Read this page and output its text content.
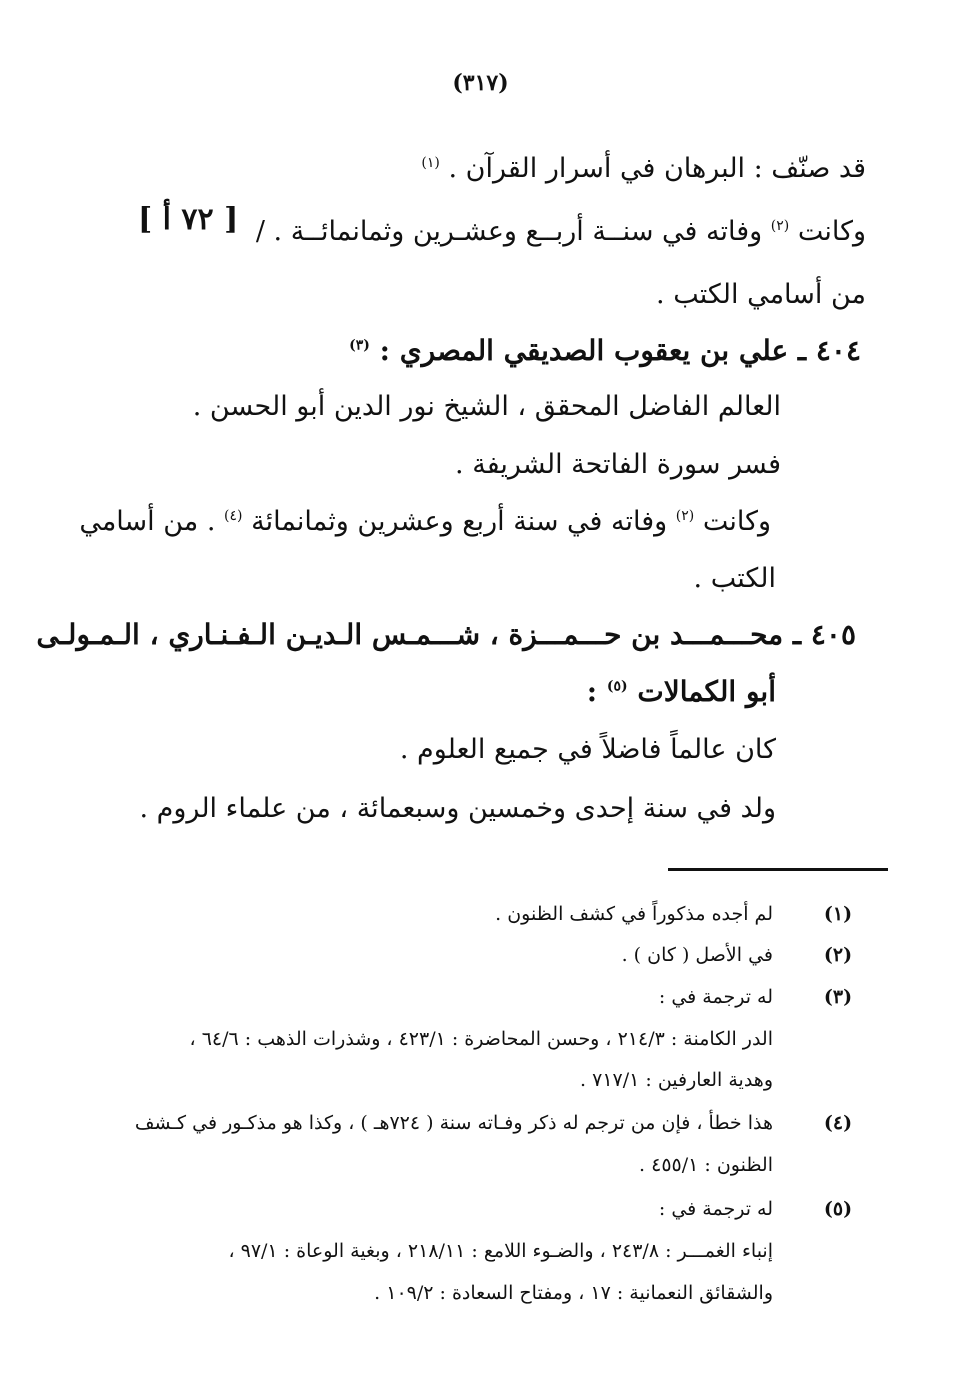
(٣١٧)
قد صنّف : البرهان في أسرار القرآن . $^{(١)}$
وكانت $^{(٢)}$ وفاته في سنــة أربــع وعشـرين وثمانمائــة . /
[ ٧٢ أ ]
من أسامي الكتب .
٤٠٤ ـ علي بن يعقوب الصديقي المصري : $^{(٣)}$
العالم الفاضل المحقق ، الشيخ نور الدين أبو الحسن .
فسر سورة الفاتحة الشريفة .
وكانت $^{(٢)}$ وفاته في سنة أربع وعشرين وثمانمائة $^{(٤)}$ . من أسامي
الكتب .
٤٠٥ ـ محـــمـــد بن حـــمـــزة ، شـــمـس الـديـن الـفـنـاري ، الـمـولـى
أبو الكمالات $^{(٥)}$ :
كان عالماً فاضلاً في جميع العلوم .
ولد في سنة إحدى وخمسين وسبعمائة ، من علماء الروم .
(١)
لم أجده مذكوراً في كشف الظنون .
(٢)
في الأصل ( كان ) .
(٣)
له ترجمة في :
الدر الكامنة : ٢١٤/٣ ، وحسن المحاضرة : ٤٢٣/١ ، وشذرات الذهب : ٦٤/٦ ،
وهدية العارفين : ٧١٧/١ .
(٤)
هذا خطأ ، فإن من ترجم له ذكر وفـاته سنة ( ٧٢٤هـ ) ، وكذا هو مذكـور في كـشف
الظنون : ٤٥٥/١ .
(٥)
له ترجمة في :
إنباء الغمـــر : ٢٤٣/٨ ، والضـوء اللامع : ٢١٨/١١ ، وبغية الوعاة : ٩٧/١ ،
والشقائق النعمانية : ١٧ ، ومفتاح السعادة : ١٠٩/٢ .
